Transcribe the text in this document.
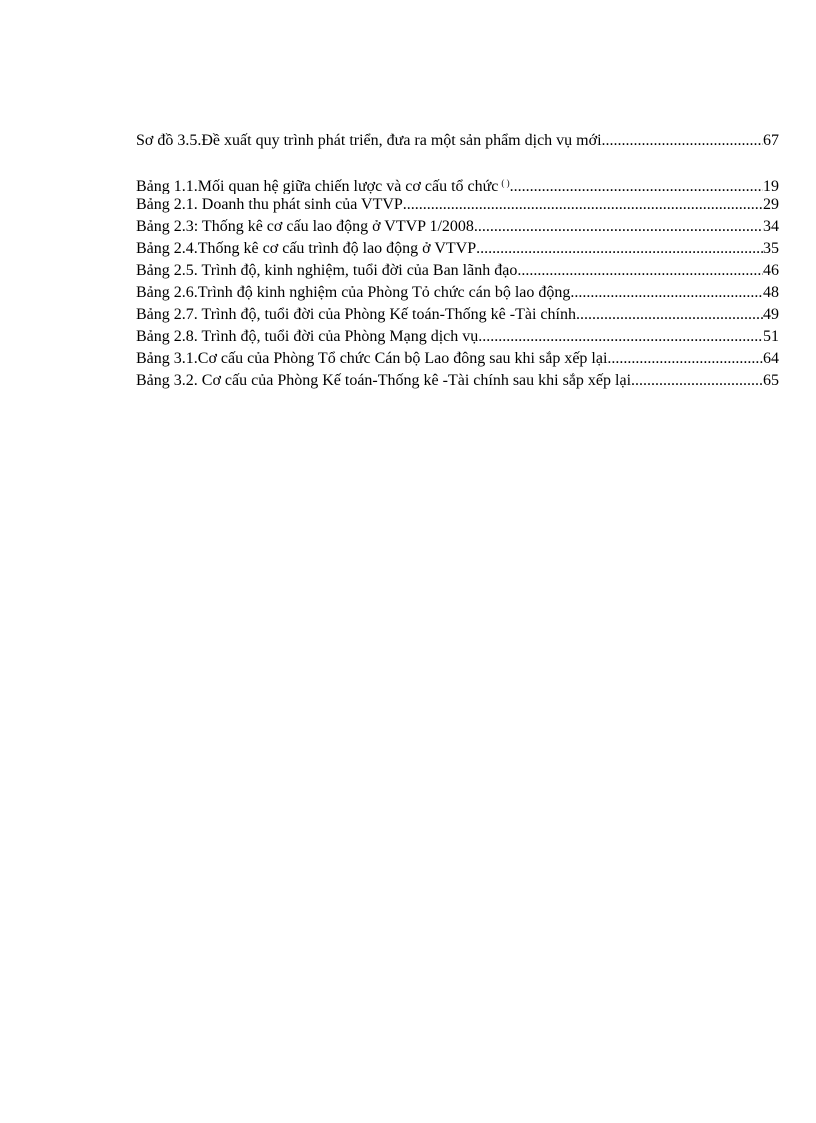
Sơ đồ 3.5.Đề xuất quy trình phát triển, đưa ra một sản phẩm dịch vụ mới .....	67
Bảng 1.1.Mối quan hệ giữa chiến lược và cơ cấu tổ chức ( ) .....	19
Bảng 2.1. Doanh thu phát sinh của VTVP .....	29
Bảng 2.3: Thống kê cơ cấu lao động ở VTVP 1/2008 .....	34
Bảng 2.4.Thống kê cơ cấu trình độ lao động ở VTVP .....	35
Bảng 2.5. Trình độ, kinh nghiệm, tuổi đời của Ban lãnh đạo .....	46
Bảng 2.6.Trình độ kinh nghiệm của Phòng Tỏ chức cán bộ lao động .....	48
Bảng 2.7. Trình độ, tuổi đời của Phòng Kế toán-Thống kê -Tài chính .....	49
Bảng 2.8. Trình độ, tuổi đời của Phòng Mạng dịch vụ .....	51
Bảng 3.1.Cơ cấu của Phòng Tổ chức Cán bộ Lao đông sau khi sắp xếp lại .....	64
Bảng 3.2. Cơ cấu của Phòng Kế toán-Thống kê -Tài chính sau khi sắp xếp lại .....	65
